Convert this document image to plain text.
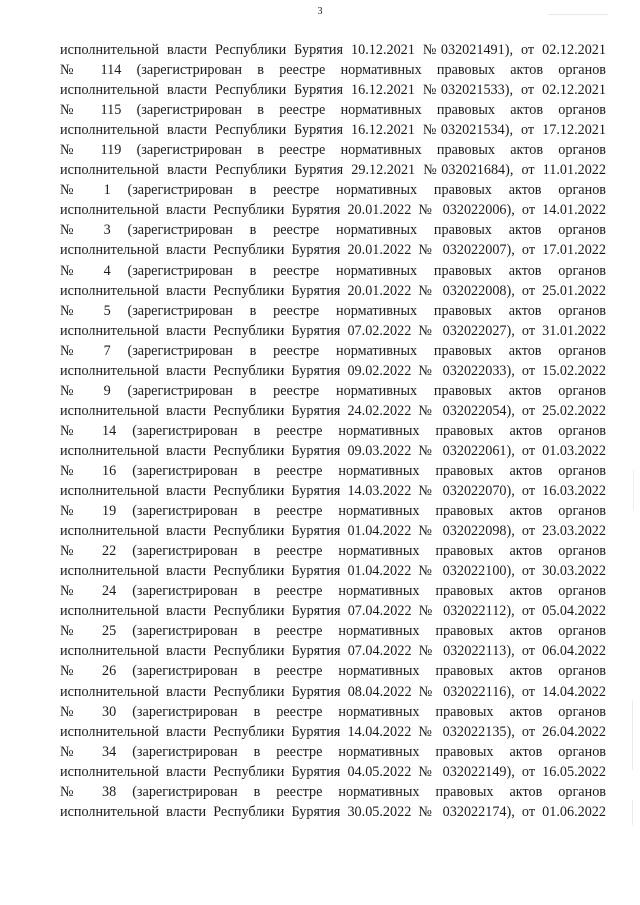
3
исполнительной власти Республики Бурятия 10.12.2021 №032021491), от 02.12.2021
№ 114 (зарегистрирован в реестре нормативных правовых актов органов
исполнительной власти Республики Бурятия 16.12.2021 №032021533), от 02.12.2021
№ 115 (зарегистрирован в реестре нормативных правовых актов органов
исполнительной власти Республики Бурятия 16.12.2021 №032021534), от 17.12.2021
№ 119 (зарегистрирован в реестре нормативных правовых актов органов
исполнительной власти Республики Бурятия 29.12.2021 №032021684), от 11.01.2022
№ 1 (зарегистрирован в реестре нормативных правовых актов органов
исполнительной власти Республики Бурятия 20.01.2022 № 032022006), от 14.01.2022
№ 3 (зарегистрирован в реестре нормативных правовых актов органов
исполнительной власти Республики Бурятия 20.01.2022 № 032022007), от 17.01.2022
№ 4 (зарегистрирован в реестре нормативных правовых актов органов
исполнительной власти Республики Бурятия 20.01.2022 № 032022008), от 25.01.2022
№ 5 (зарегистрирован в реестре нормативных правовых актов органов
исполнительной власти Республики Бурятия 07.02.2022 № 032022027), от 31.01.2022
№ 7 (зарегистрирован в реестре нормативных правовых актов органов
исполнительной власти Республики Бурятия 09.02.2022 № 032022033), от 15.02.2022
№ 9 (зарегистрирован в реестре нормативных правовых актов органов
исполнительной власти Республики Бурятия 24.02.2022 № 032022054), от 25.02.2022
№ 14 (зарегистрирован в реестре нормативных правовых актов органов
исполнительной власти Республики Бурятия 09.03.2022 № 032022061), от 01.03.2022
№ 16 (зарегистрирован в реестре нормативных правовых актов органов
исполнительной власти Республики Бурятия 14.03.2022 № 032022070), от 16.03.2022
№ 19 (зарегистрирован в реестре нормативных правовых актов органов
исполнительной власти Республики Бурятия 01.04.2022 № 032022098), от 23.03.2022
№ 22 (зарегистрирован в реестре нормативных правовых актов органов
исполнительной власти Республики Бурятия 01.04.2022 № 032022100), от 30.03.2022
№ 24 (зарегистрирован в реестре нормативных правовых актов органов
исполнительной власти Республики Бурятия 07.04.2022 № 032022112), от 05.04.2022
№ 25 (зарегистрирован в реестре нормативных правовых актов органов
исполнительной власти Республики Бурятия 07.04.2022 № 032022113), от 06.04.2022
№ 26 (зарегистрирован в реестре нормативных правовых актов органов
исполнительной власти Республики Бурятия 08.04.2022 № 032022116), от 14.04.2022
№ 30 (зарегистрирован в реестре нормативных правовых актов органов
исполнительной власти Республики Бурятия 14.04.2022 № 032022135), от 26.04.2022
№ 34 (зарегистрирован в реестре нормативных правовых актов органов
исполнительной власти Республики Бурятия 04.05.2022 № 032022149), от 16.05.2022
№ 38 (зарегистрирован в реестре нормативных правовых актов органов
исполнительной власти Республики Бурятия 30.05.2022 № 032022174), от 01.06.2022
